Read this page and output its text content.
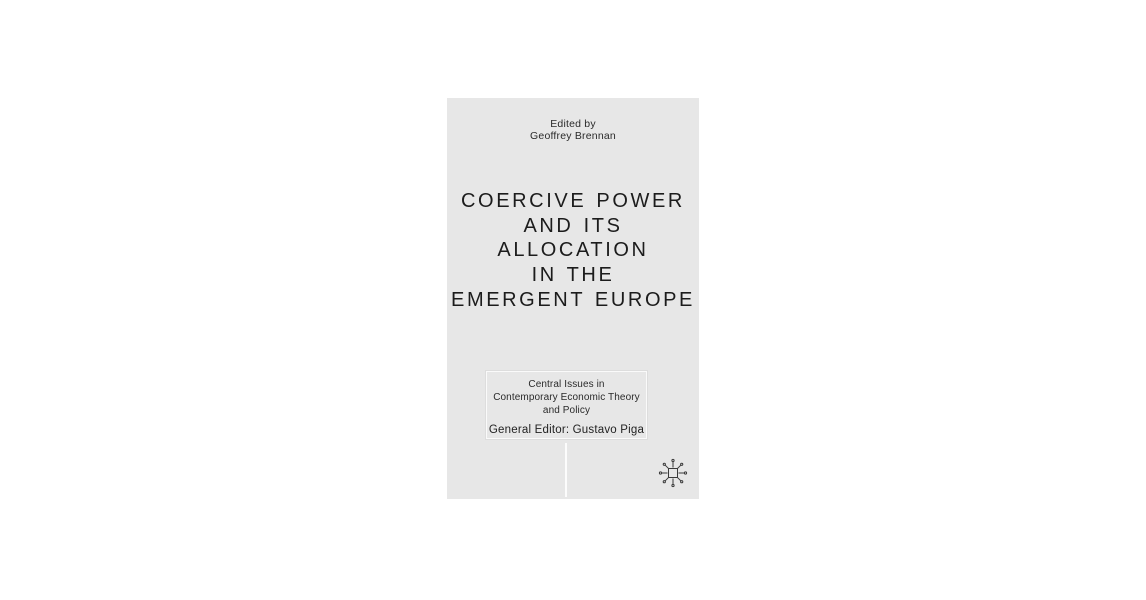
Edited by
Geoffrey Brennan
COERCIVE POWER
AND ITS
ALLOCATION
IN THE
EMERGENT EUROPE
Central Issues in
Contemporary Economic Theory
and Policy
General Editor: Gustavo Piga
